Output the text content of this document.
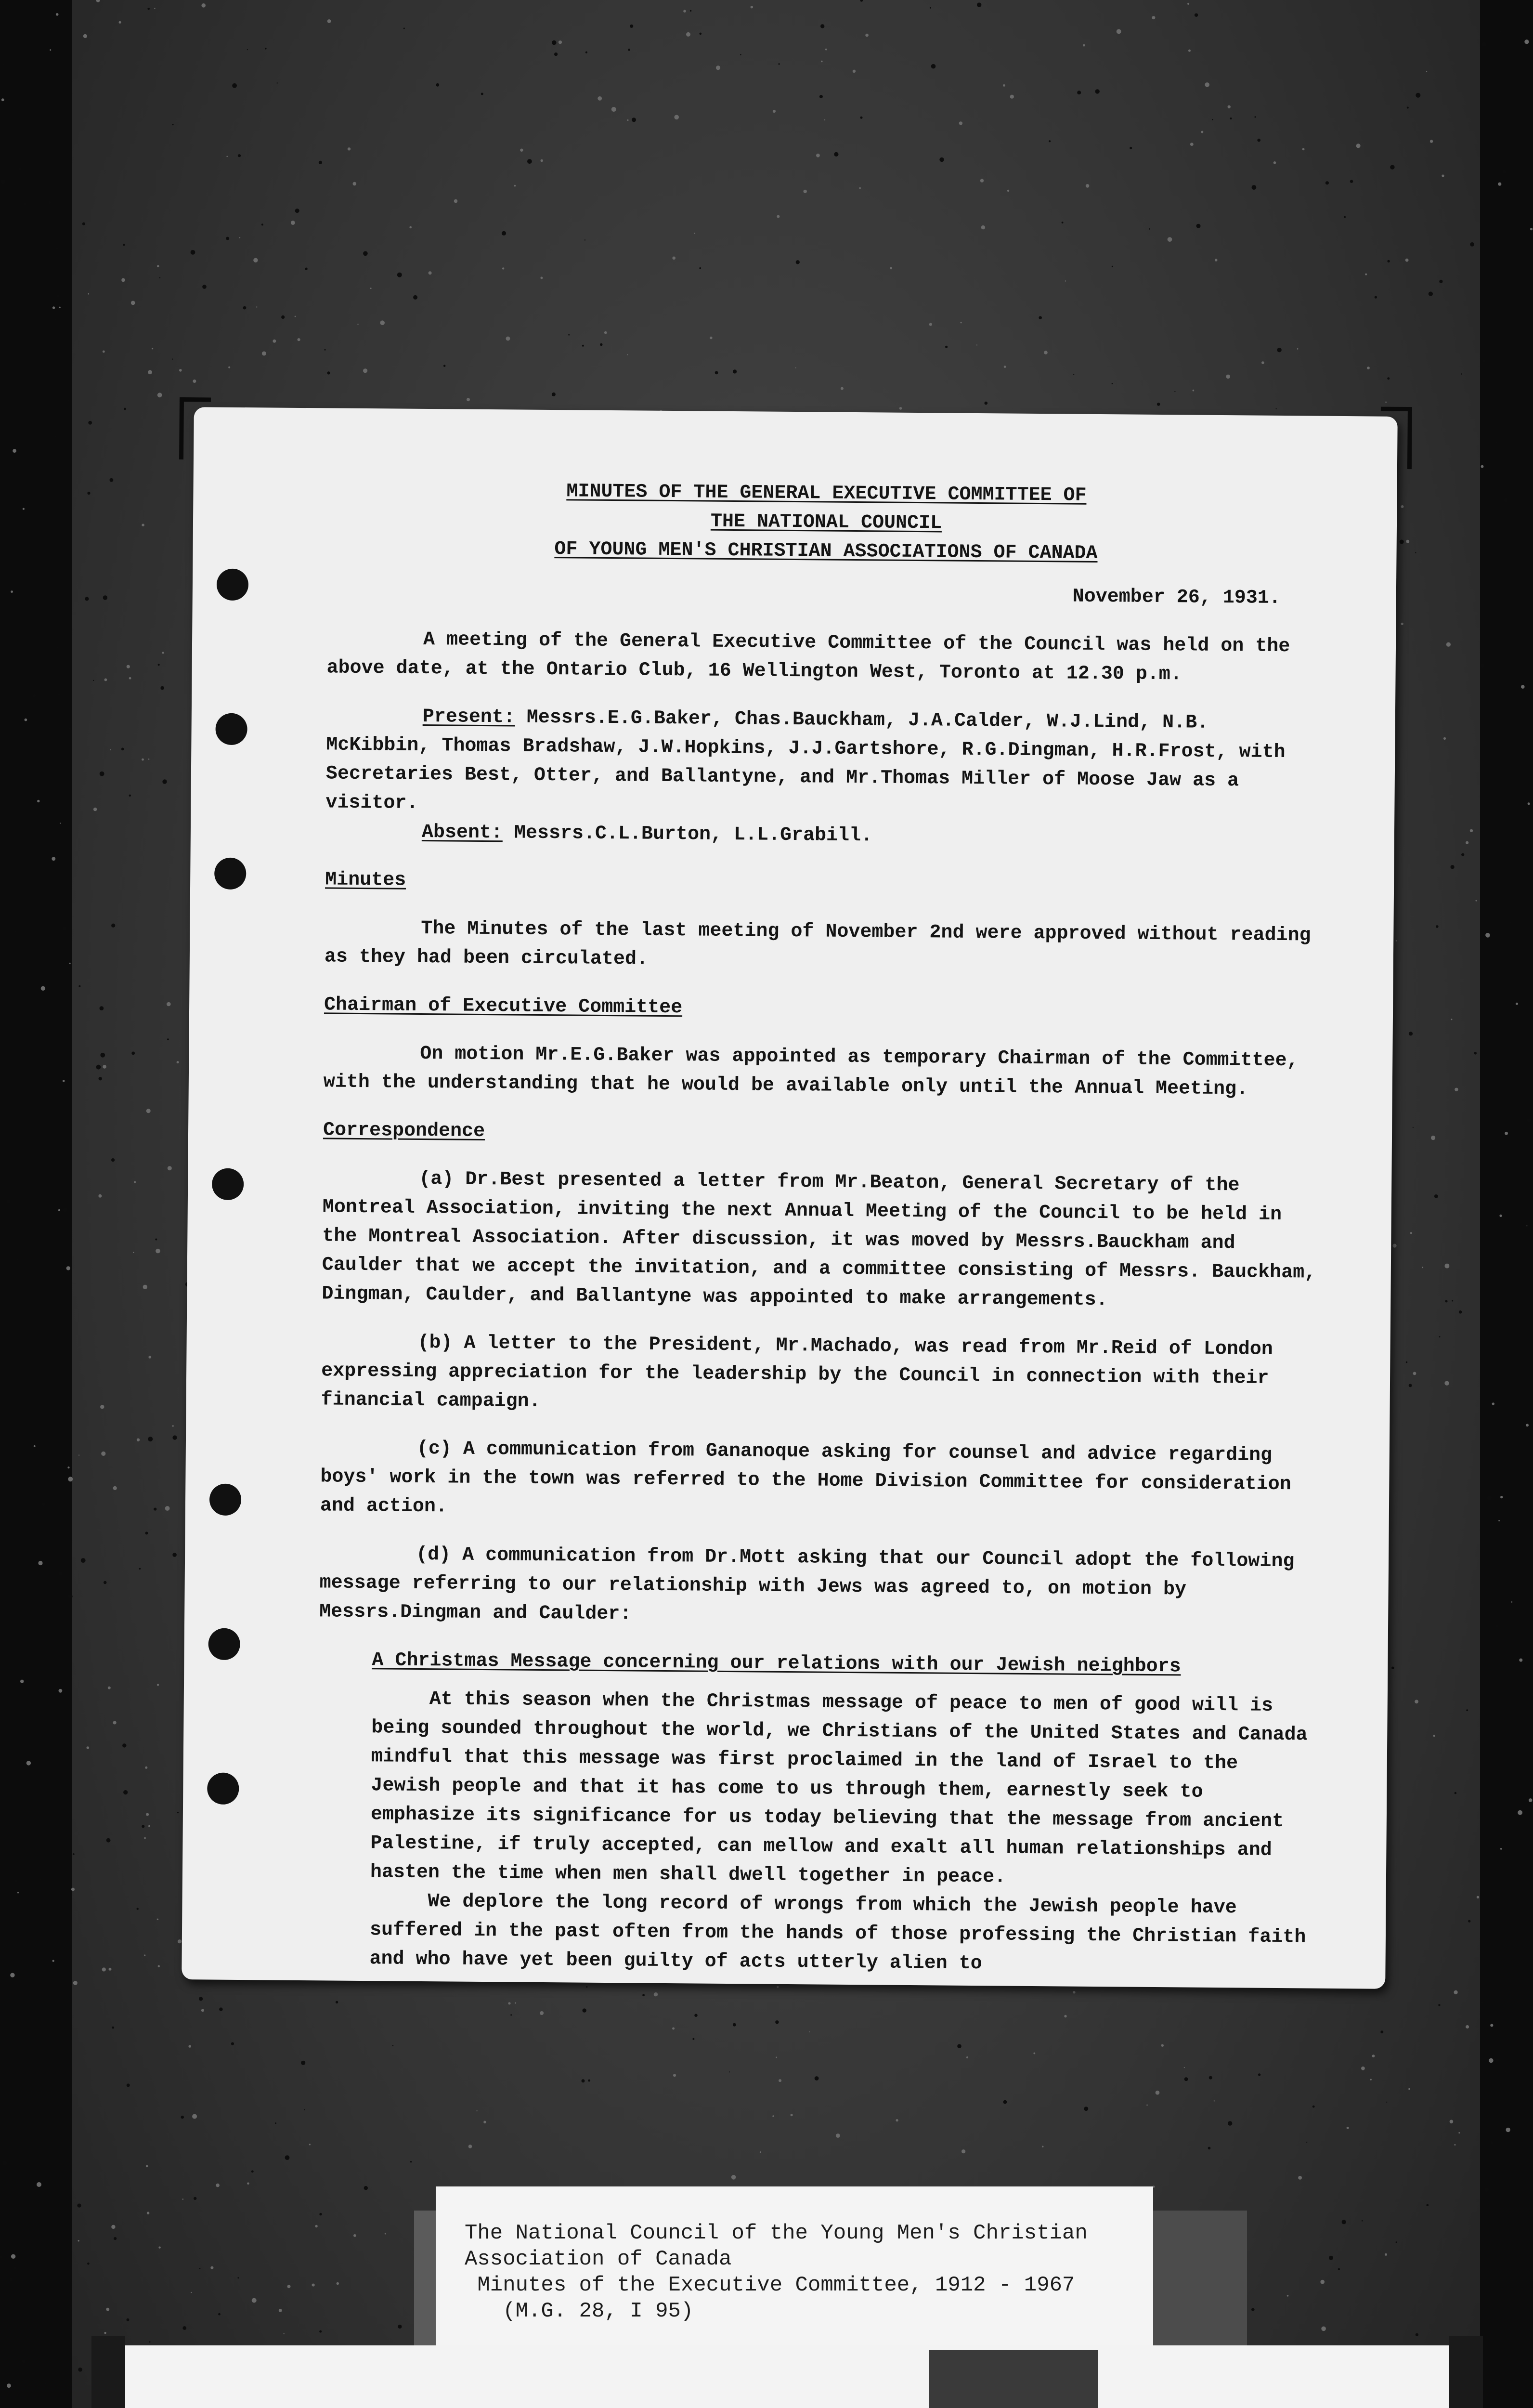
MINUTES OF THE GENERAL EXECUTIVE COMMITTEE OF

THE NATIONAL COUNCIL

OF YOUNG MEN'S CHRISTIAN ASSOCIATIONS OF CANADA

November 26, 1931.

A meeting of the General Executive Committee of the Council was held on the above date, at the Ontario Club, 16 Wellington West, Toronto at 12.30 p.m.

Present: Messrs.E.G.Baker, Chas.Bauckham, J.A.Calder, W.J.Lind, N.B. McKibbin, Thomas Bradshaw, J.W.Hopkins, J.J.Gartshore, R.G.Dingman, H.R.Frost, with Secretaries Best, Otter, and Ballantyne, and Mr.Thomas Miller of Moose Jaw as a visitor.

Absent: Messrs.C.L.Burton, L.L.Grabill.

Minutes

The Minutes of the last meeting of November 2nd were approved without reading as they had been circulated.

Chairman of Executive Committee

On motion Mr.E.G.Baker was appointed as temporary Chairman of the Committee, with the understanding that he would be available only until the Annual Meeting.

Correspondence

(a) Dr.Best presented a letter from Mr.Beaton, General Secretary of the Montreal Association, inviting the next Annual Meeting of the Council to be held in the Montreal Association. After discussion, it was moved by Messrs.Bauckham and Caulder that we accept the invitation, and a committee consisting of Messrs. Bauckham, Dingman, Caulder, and Ballantyne was appointed to make arrangements.

(b) A letter to the President, Mr.Machado, was read from Mr.Reid of London expressing appreciation for the leadership by the Council in connection with their financial campaign.

(c) A communication from Gananoque asking for counsel and advice regarding boys' work in the town was referred to the Home Division Committee for consideration and action.

(d) A communication from Dr.Mott asking that our Council adopt the following message referring to our relationship with Jews was agreed to, on motion by Messrs.Dingman and Caulder:

A Christmas Message concerning our relations with our Jewish neighbors

At this season when the Christmas message of peace to men of good will is being sounded throughout the world, we Christians of the United States and Canada mindful that this message was first proclaimed in the land of Israel to the Jewish people and that it has come to us through them, earnestly seek to emphasize its significance for us today believing that the message from ancient Palestine, if truly accepted, can mellow and exalt all human relationships and hasten the time when men shall dwell together in peace.

We deplore the long record of wrongs from which the Jewish people have suffered in the past often from the hands of those professing the Christian faith and who have yet been guilty of acts utterly alien to

The National Council of the Young Men's Christian
Association of Canada
Minutes of the Executive Committee, 1912 - 1967
(M.G. 28, I 95)
